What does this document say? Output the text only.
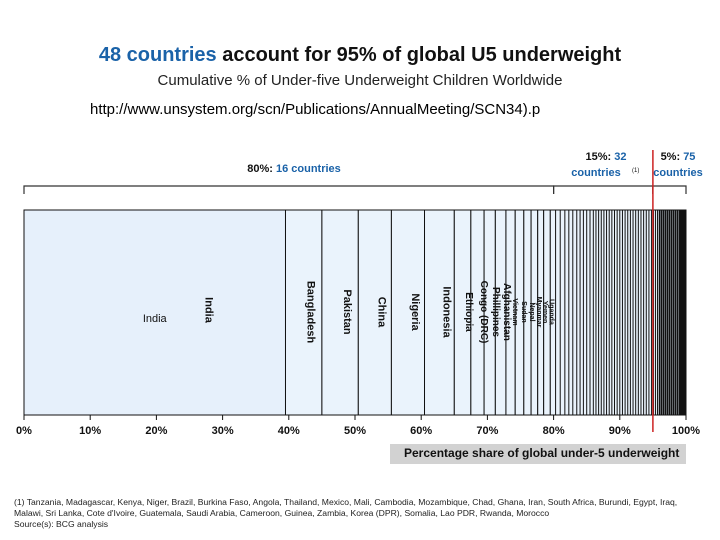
48 countries account for 95% of global U5 underweight
Cumulative % of Under-five Underweight Children Worldwide
http://www.unsystem.org/scn/Publications/AnnualMeeting/SCN34).p
80%: 16 countries
15%: 32
countries (1)
5%: 75
countries
India	Bangladesh Pakistan China Nigeria Indonesia Ethiopia Congo (DRC) Phillipines Afghanistan
Vietnam Sudan Nepal Myanmar Yemen Uganda
India
0%	10%	20%	30%	40%	50%	60%	70%	80%	90%	100%
Percentage share of global under-5 underweight
(1) Tanzania, Madagascar, Kenya, Niger, Brazil, Burkina Faso, Angola, Thailand, Mexico, Mali, Cambodia, Mozambique, Chad, Ghana, Iran, South Africa, Burundi, Egypt, Iraq,
Malawi, Sri Lanka, Cote d'Ivoire, Guatemala, Saudi Arabia, Cameroon, Guinea, Zambia, Korea (DPR), Somalia, Lao PDR, Rwanda, Morocco
Source(s): BCG analysis
